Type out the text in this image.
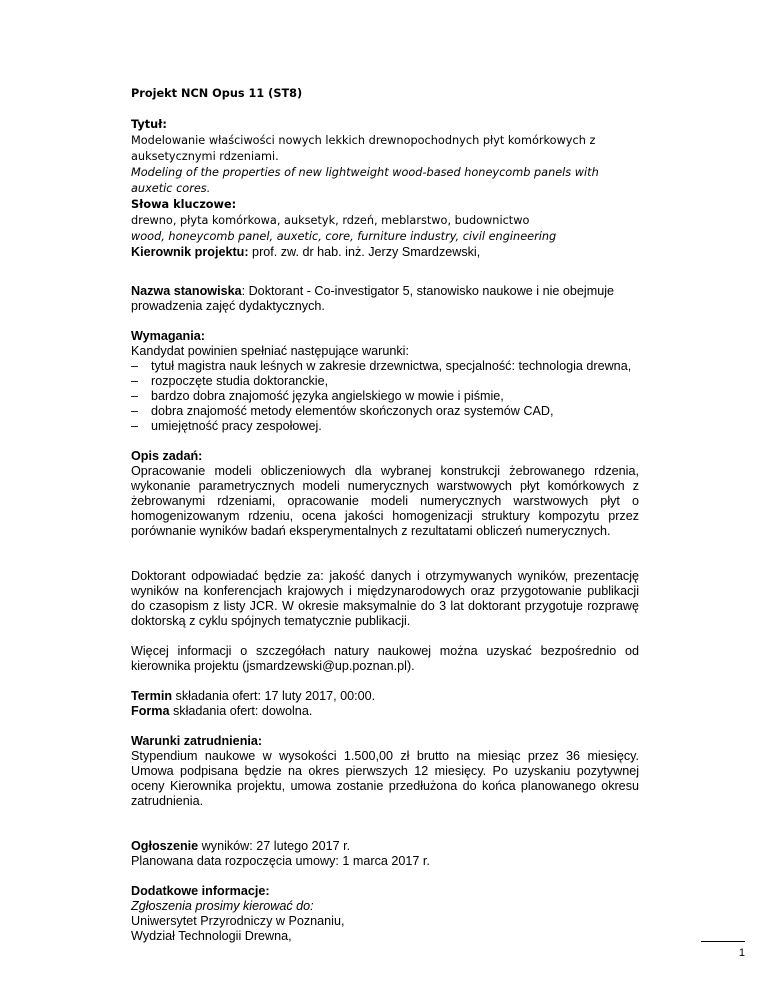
Projekt NCN Opus 11 (ST8)

Tytuł:

Modelowanie właściwości nowych lekkich drewnopochodnych płyt komórkowych z auksetycznymi rdzeniami.

Modeling of the properties of new lightweight wood-based honeycomb panels with auxetic cores.

Słowa kluczowe:

drewno, płyta komórkowa, auksetyk, rdzeń, meblarstwo, budownictwo

wood, honeycomb panel, auxetic, core, furniture industry, civil engineering

Kierownik projektu: prof. zw. dr hab. inż. Jerzy Smardzewski,

Nazwa stanowiska: Doktorant - Co-investigator 5, stanowisko naukowe i nie obejmuje prowadzenia zajęć dydaktycznych.

Wymagania:

Kandydat powinien spełniać następujące warunki:

– tytuł magistra nauk leśnych w zakresie drzewnictwa, specjalność: technologia drewna,
– rozpoczęte studia doktoranckie,
– bardzo dobra znajomość języka angielskiego w mowie i piśmie,
– dobra znajomość metody elementów skończonych oraz systemów CAD,
– umiejętność pracy zespołowej.

Opis zadań:

Opracowanie modeli obliczeniowych dla wybranej konstrukcji żebrowanego rdzenia, wykonanie parametrycznych modeli numerycznych warstwowych płyt komórkowych z żebrowanymi rdzeniami, opracowanie modeli numerycznych warstwowych płyt o homogenizowanym rdzeniu, ocena jakości homogenizacji struktury kompozytu przez porównanie wyników badań eksperymentalnych z rezultatami obliczeń numerycznych.

Doktorant odpowiadać będzie za: jakość danych i otrzymywanych wyników, prezentację wyników na konferencjach krajowych i międzynarodowych oraz przygotowanie publikacji do czasopism z listy JCR. W okresie maksymalnie do 3 lat doktorant przygotuje rozprawę doktorską z cyklu spójnych tematycznie publikacji.

Więcej informacji o szczegółach natury naukowej można uzyskać bezpośrednio od kierownika projektu (jsmardzewski@up.poznan.pl).

Termin składania ofert: 17 luty 2017, 00:00.

Forma składania ofert: dowolna.

Warunki zatrudnienia:

Stypendium naukowe w wysokości 1.500,00 zł brutto na miesiąc przez 36 miesięcy. Umowa podpisana będzie na okres pierwszych 12 miesięcy. Po uzyskaniu pozytywnej oceny Kierownika projektu, umowa zostanie przedłużona do końca planowanego okresu zatrudnienia.

Ogłoszenie wyników: 27 lutego 2017 r.

Planowana data rozpoczęcia umowy: 1 marca 2017 r.

Dodatkowe informacje:

Zgłoszenia prosimy kierować do:

Uniwersytet Przyrodniczy w Poznaniu,

Wydział Technologii Drewna,

1
